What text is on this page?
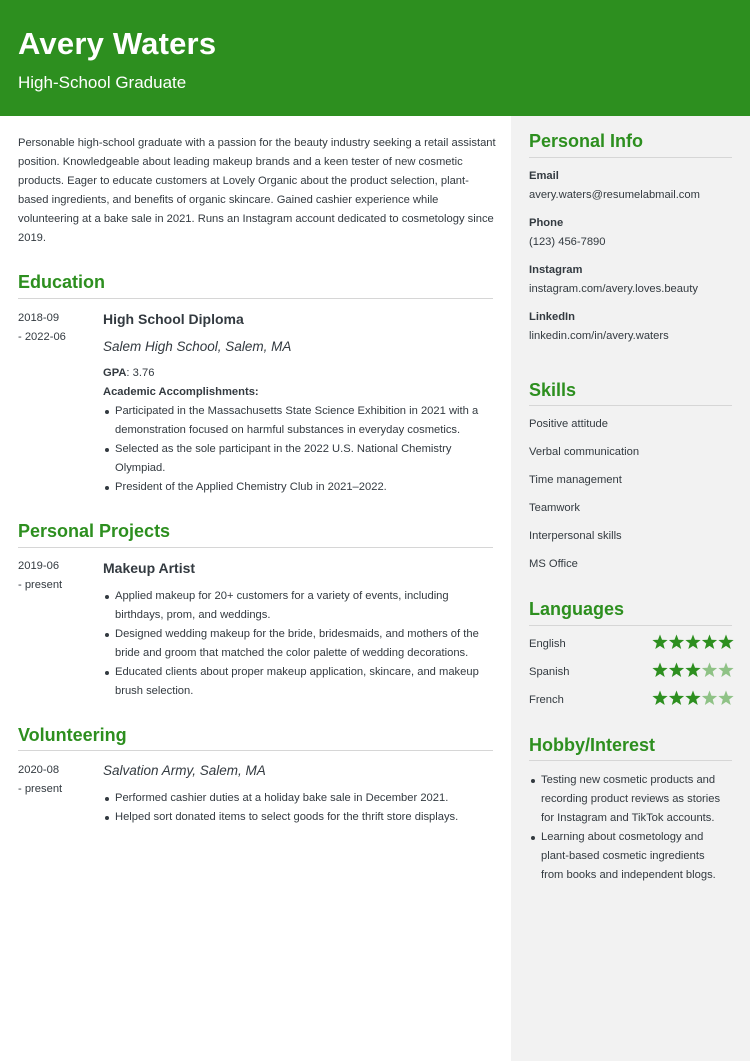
Avery Waters
High-School Graduate

Personable high-school graduate with a passion for the beauty industry seeking a retail assistant position. Knowledgeable about leading makeup brands and a keen tester of new cosmetic products. Eager to educate customers at Lovely Organic about the product selection, plant-based ingredients, and benefits of organic skincare. Gained cashier experience while volunteering at a bake sale in 2021. Runs an Instagram account dedicated to cosmetology since 2019.

Education
2018-09
- 2022-06
High School Diploma
Salem High School, Salem, MA
GPA: 3.76
Academic Accomplishments:
Participated in the Massachusetts State Science Exhibition in 2021 with a demonstration focused on harmful substances in everyday cosmetics.
Selected as the sole participant in the 2022 U.S. National Chemistry Olympiad.
President of the Applied Chemistry Club in 2021–2022.
Personal Projects
2019-06
- present
Makeup Artist
Applied makeup for 20+ customers for a variety of events, including birthdays, prom, and weddings.
Designed wedding makeup for the bride, bridesmaids, and mothers of the bride and groom that matched the color palette of wedding decorations.
Educated clients about proper makeup application, skincare, and makeup brush selection.
Volunteering
2020-08
- present
Salvation Army, Salem, MA
Performed cashier duties at a holiday bake sale in December 2021.
Helped sort donated items to select goods for the thrift store displays.
Personal Info
Email
avery.waters@resumelabmail.com
Phone
(123) 456-7890
Instagram
instagram.com/avery.loves.beauty
LinkedIn
linkedin.com/in/avery.waters
Skills
Positive attitude
Verbal communication
Time management
Teamwork
Interpersonal skills
MS Office
Languages
English
Spanish
French
Hobby/Interest
Testing new cosmetic products and recording product reviews as stories for Instagram and TikTok accounts.
Learning about cosmetology and plant-based cosmetic ingredients from books and independent blogs.
